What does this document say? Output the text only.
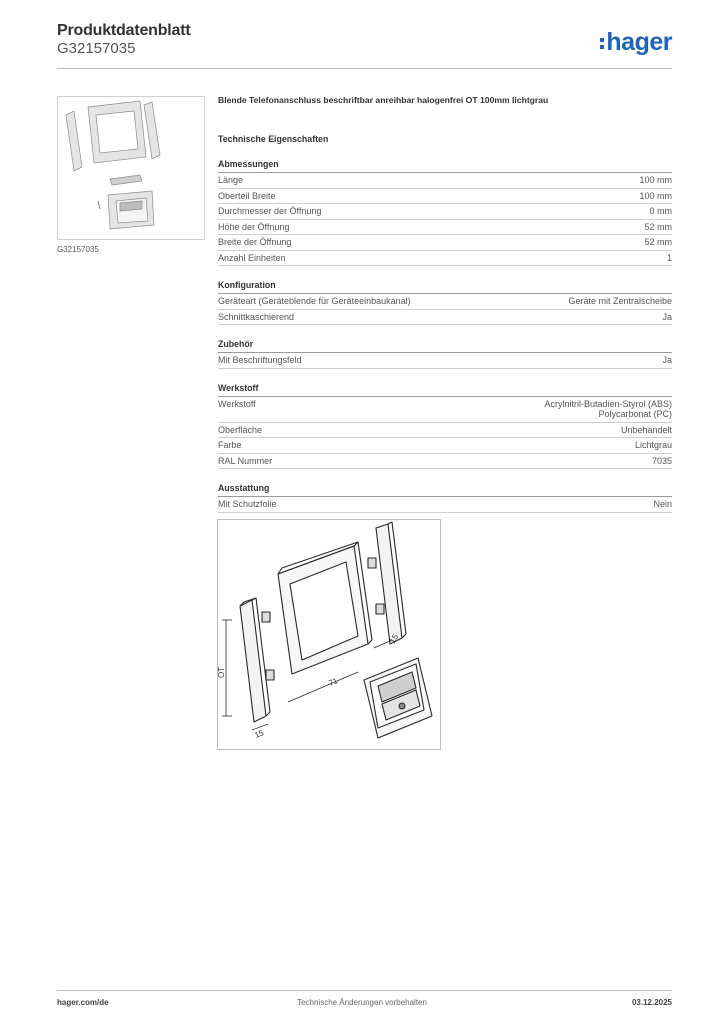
Produktdatenblatt
G32157035	hager
G32157035
Blende Telefonanschluss beschriftbar anreihbar halogenfrei OT 100mm lichtgrau
Technische Eigenschaften
Abmessungen
Länge	100 mm
Oberteil Breite	100 mm
Durchmesser der Öffnung	0 mm
Höhe der Öffnung	52 mm
Breite der Öffnung	52 mm
Anzahl Einheiten	1
Konfiguration
Geräteart (Geräteblende für Geräteeinbaukanal)	Geräte mit Zentralscheibe
Schnittkaschierend	Ja
Zubehör
Mit Beschriftungsfeld	Ja
Werkstoff
Werkstoff	Acrylnitril-Butadien-Styrol (ABS)
Polycarbonat (PC)
Oberfläche	Unbehandelt
Farbe	Lichtgrau
RAL Nummer	7035
Ausstattung
Mit Schutzfolie	Nein
OT
15
71
15
hager.com/de	Technische Änderungen vorbehalten	03.12.2025
